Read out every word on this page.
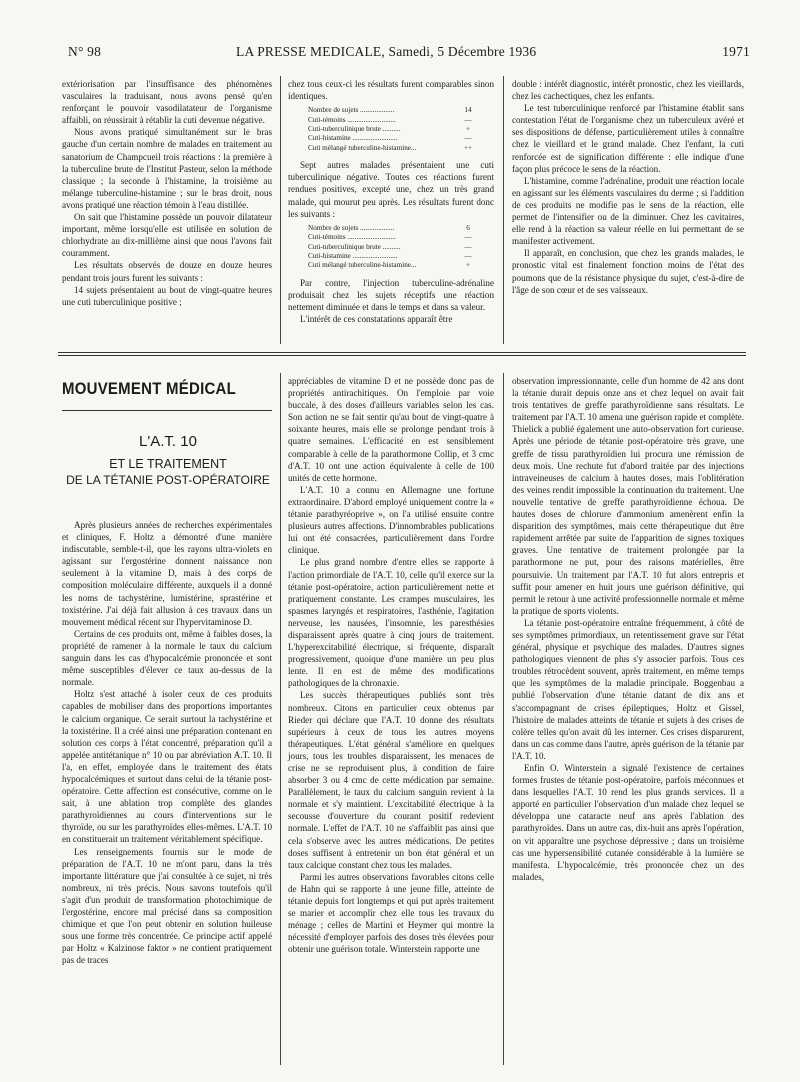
N° 98	LA PRESSE MEDICALE, Samedi, 5 Décembre 1936	1971

extériorisation par l'insuffisance des phénomènes vasculaires la traduisant, nous avons pensé qu'en renforçant le pouvoir vasodilatateur de l'organisme affaibli, on réussirait à rétablir la cuti devenue négative.

Nous avons pratiqué simultanément sur le bras gauche d'un certain nombre de malades en traitement au sanatorium de Champcueil trois réactions : la première à la tuberculine brute de l'Institut Pasteur, selon la méthode classique ; la seconde à l'histamine, la troisième au mélange tuberculine-histamine ; sur le bras droit, nous avons pratiqué une réaction témoin à l'eau distillée.

On sait que l'histamine possède un pouvoir dilatateur important, même lorsqu'elle est utilisée en solution de chlorhydrate au dix-millième ainsi que nous l'avons fait couramment.

Les résultats observés de douze en douze heures pendant trois jours furent les suivants :

14 sujets présentaient au bout de vingt-quatre heures une cuti tuberculinique positive ;

chez tous ceux-ci les résultats furent comparables sinon identiques.

Nombre de sujets ...................	14
Cuti-témoins ...........................	—
Cuti-tuberculinique brute ..........	+
Cuti-histamine .........................	—
Cuti mélangé tuberculine-histamine...	++

Sept autres malades présentaient une cuti tuberculinique négative. Toutes ces réactions furent rendues positives, excepté une, chez un très grand malade, qui mourut peu après. Les résultats furent donc les suivants :

Nombre de sujets ...................	6
Cuti-témoins ...........................	—
Cuti-tuberculinique brute ..........	—
Cuti-histamine .........................	—
Cuti mélangé tuberculine-histamine...	+

Par contre, l'injection tuberculine-adrénaline produisait chez les sujets réceptifs une réaction nettement diminuée et dans le temps et dans sa valeur.

L'intérêt de ces constatations apparaît être

double : intérêt diagnostic, intérêt pronostic, chez les vieillards, chez les cachectiques, chez les enfants.

Le test tuberculinique renforcé par l'histamine établit sans contestation l'état de l'organisme chez un tuberculeux avéré et ses dispositions de défense, particulièrement utiles à connaître chez le vieillard et le grand malade. Chez l'enfant, la cuti renforcée est de signification différente : elle indique d'une façon plus précoce le sens de la réaction.

L'histamine, comme l'adrénaline, produit une réaction locale en agissant sur les éléments vasculaires du derme ; si l'addition de ces produits ne modifie pas le sens de la réaction, elle permet de l'intensifier ou de la diminuer. Chez les cavitaires, elle rend à la réaction sa valeur réelle en lui permettant de se manifester activement.

Il apparaît, en conclusion, que chez les grands malades, le pronostic vital est finalement fonction moins de l'état des poumons que de la résistance physique du sujet, c'est-à-dire de l'âge de son cœur et de ses vaisseaux.

MOUVEMENT MÉDICAL
L'A.T. 10
ET LE TRAITEMENT
DE LA TÉTANIE POST-OPÉRATOIRE

Après plusieurs années de recherches expérimentales et cliniques, F. Holtz a démontré d'une manière indiscutable, semble-t-il, que les rayons ultra-violets en agissant sur l'ergostérine donnent naissance non seulement à la vitamine D, mais à des corps de composition moléculaire différente, auxquels il a donné les noms de tachystérine, lumistérine, sprastérine et toxistérine. J'ai déjà fait allusion à ces travaux dans un mouvement médical récent sur l'hypervitaminose D.

Certains de ces produits ont, même à faibles doses, la propriété de ramener à la normale le taux du calcium sanguin dans les cas d'hypocalcémie prononcée et sont même susceptibles d'élever ce taux au-dessus de la normale.

Holtz s'est attaché à isoler ceux de ces produits capables de mobiliser dans des proportions importantes le calcium organique. Ce serait surtout la tachystérine et la toxistérine. Il a créé ainsi une préparation contenant en solution ces corps à l'état concentré, préparation qu'il a appelée antitétanique n° 10 ou par abréviation A.T. 10. Il l'a, en effet, employée dans le traitement des états hypocalcémiques et surtout dans celui de la tétanie post-opératoire. Cette affection est consécutive, comme on le sait, à une ablation trop complète des glandes parathyroïdiennes au cours d'interventions sur le thyroïde, ou sur les parathyroïdes elles-mêmes. L'A.T. 10 en constituerait un traitement véritablement spécifique.

Les renseignements fournis sur le mode de préparation de l'A.T. 10 ne m'ont paru, dans la très importante littérature que j'ai consultée à ce sujet, ni très nombreux, ni très précis. Nous savons toutefois qu'il s'agit d'un produit de transformation photochimique de l'ergostérine, encore mal précisé dans sa composition chimique et que l'on peut obtenir en solution huileuse sous une forme très concentrée. Ce principe actif appelé par Holtz « Kalzinose faktor » ne contient pratiquement pas de traces

appréciables de vitamine D et ne possède donc pas de propriétés antirachitiques. On l'emploie par voie buccale, à des doses d'ailleurs variables selon les cas. Son action ne se fait sentir qu'au bout de vingt-quatre à soixante heures, mais elle se prolonge pendant trois à quatre semaines. L'efficacité en est sensiblement comparable à celle de la parathormone Collip, et 3 cmc d'A.T. 10 ont une action équivalente à celle de 100 unités de cette hormone.

L'A.T. 10 a connu en Allemagne une fortune extraordinaire. D'abord employé uniquement contre la « tétanie parathyréoprive », on l'a utilisé ensuite contre plusieurs autres affections. D'innombrables publications lui ont été consacrées, particulièrement dans l'ordre clinique.

Le plus grand nombre d'entre elles se rapporte à l'action primordiale de l'A.T. 10, celle qu'il exerce sur la tétanie post-opératoire, action particulièrement nette et pratiquement constante. Les crampes musculaires, les spasmes laryngés et respiratoires, l'asthénie, l'agitation nerveuse, les nausées, l'insomnie, les paresthésies disparaissent après quatre à cinq jours de traitement. L'hyperexcitabilité électrique, si fréquente, disparaît progressivement, quoique d'une manière un peu plus lente. Il en est de même des modifications pathologiques de la chronaxie.

Les succès thérapeutiques publiés sont très nombreux. Citons en particulier ceux obtenus par Rieder qui déclare que l'A.T. 10 donne des résultats supérieurs à ceux de tous les autres moyens thérapeutiques. L'état général s'améliore en quelques jours, tous les troubles disparaissent, les menaces de crise ne se reproduisent plus, à condition de faire absorber 3 ou 4 cmc de cette médication par semaine. Parallèlement, le taux du calcium sanguin revient à la normale et s'y maintient. L'excitabilité électrique à la secousse d'ouverture du courant positif redevient normale. L'effet de l'A.T. 10 ne s'affaiblit pas ainsi que cela s'observe avec les autres médications. De petites doses suffisent à entretenir un bon état général et un taux calcique constant chez tous les malades.

Parmi les autres observations favorables citons celle de Hahn qui se rapporte à une jeune fille, atteinte de tétanie depuis fort longtemps et qui put après traitement se marier et accomplir chez elle tous les travaux du ménage ; celles de Martini et Heymer qui montre la nécessité d'employer parfois des doses très élevées pour obtenir une guérison totale. Winterstein rapporte une

observation impressionnante, celle d'un homme de 42 ans dont la tétanie durait depuis onze ans et chez lequel on avait fait trois tentatives de greffe parathyroïdienne sans résultats. Le traitement par l'A.T. 10 amena une guérison rapide et complète. Thielick a publié également une auto-observation fort curieuse. Après une période de tétanie post-opératoire très grave, une greffe de tissu parathyroïdien lui procura une rémission de deux mois. Une rechute fut d'abord traitée par des injections intraveineuses de calcium à hautes doses, mais l'oblitération des veines rendit impossible la continuation du traitement. Une nouvelle tentative de greffe parathyroïdienne échoua. De hautes doses de chlorure d'ammonium amenèrent enfin la disparition des symptômes, mais cette thérapeutique dut être rapidement arrêtée par suite de l'apparition de signes toxiques graves. Une tentative de traitement prolongée par la parathormone ne put, pour des raisons matérielles, être poursuivie. Un traitement par l'A.T. 10 fut alors entrepris et suffit pour amener en huit jours une guérison définitive, qui permit le retour à une activité professionnelle normale et même la pratique de sports violents.

La tétanie post-opératoire entraîne fréquemment, à côté de ses symptômes primordiaux, un retentissement grave sur l'état général, physique et psychique des malades. D'autres signes pathologiques viennent de plus s'y associer parfois. Tous ces troubles rétrocèdent souvent, après traitement, en même temps que les symptômes de la maladie principale. Boggenbau a publié l'observation d'une tétanie datant de dix ans et s'accompagnant de crises épileptiques, Holtz et Gissel, l'histoire de malades atteints de tétanie et sujets à des crises de colère telles qu'on avait dû les interner. Ces crises disparurent, dans un cas comme dans l'autre, après guérison de la tétanie par l'A.T. 10.

Enfin O. Winterstein a signalé l'existence de certaines formes frustes de tétanie post-opératoire, parfois méconnues et dans lesquelles l'A.T. 10 rend les plus grands services. Il a apporté en particulier l'observation d'un malade chez lequel se développa une cataracte neuf ans après l'ablation des parathyroïdes. Dans un autre cas, dix-huit ans après l'opération, on vit apparaître une psychose dépressive ; dans un troisième cas une hypersensibilité cutanée considérable à la lumière se manifesta. L'hypocalcémie, très prononcée chez un des malades,
